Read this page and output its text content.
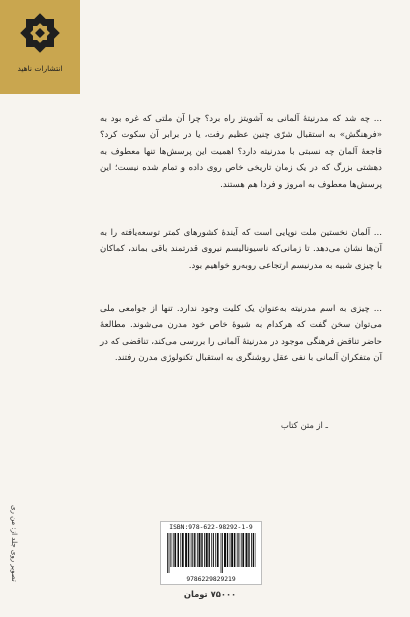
انتشارات ناهید

... چه شد که مدرنیتهٔ آلمانی به آشویتز راه برد؟ چرا آن ملتی که غره بود به «فرهنگش» به استقبال شرّی چنین عظیم رفت، یا در برابر آن سکوت کرد؟ فاجعهٔ آلمان چه نسبتی با مدرنیته دارد؟ اهمیت این پرسش‌ها تنها معطوف به دهشتی بزرگ که در یک زمان تاریخی خاص روی داده و تمام شده نیست؛ این پرسش‌ها معطوف به امروز و فردا هم هستند.

... آلمان نخستین ملت نوپایی است که آیندهٔ کشورهای کمتر توسعه‌یافته را به آن‌ها نشان می‌دهد. تا زمانی‌که ناسیونالیسم نیروی قدرتمند باقی بماند، کماکان با چیزی شبیه به مدرنیسم ارتجاعی روبه‌رو خواهیم بود.

... چیزی به اسم مدرنیته به‌عنوان یک کلیت وجود ندارد. تنها از جوامعی ملی می‌توان سخن گفت که هرکدام به شیوهٔ خاص خود مدرن می‌شوند. مطالعهٔ حاضر تناقض فرهنگی موجود در مدرنیتهٔ آلمانی را بررسی می‌کند، تناقضی که در آن متفکران آلمانی با نفی عقل روشنگری به استقبال تکنولوژی مدرن رفتند.

ـ از متن کتاب
تصویر روی جلد از: من ری	ISBN:978-622-98292-1-9
9786229829219
۷۵۰۰۰ تومان
